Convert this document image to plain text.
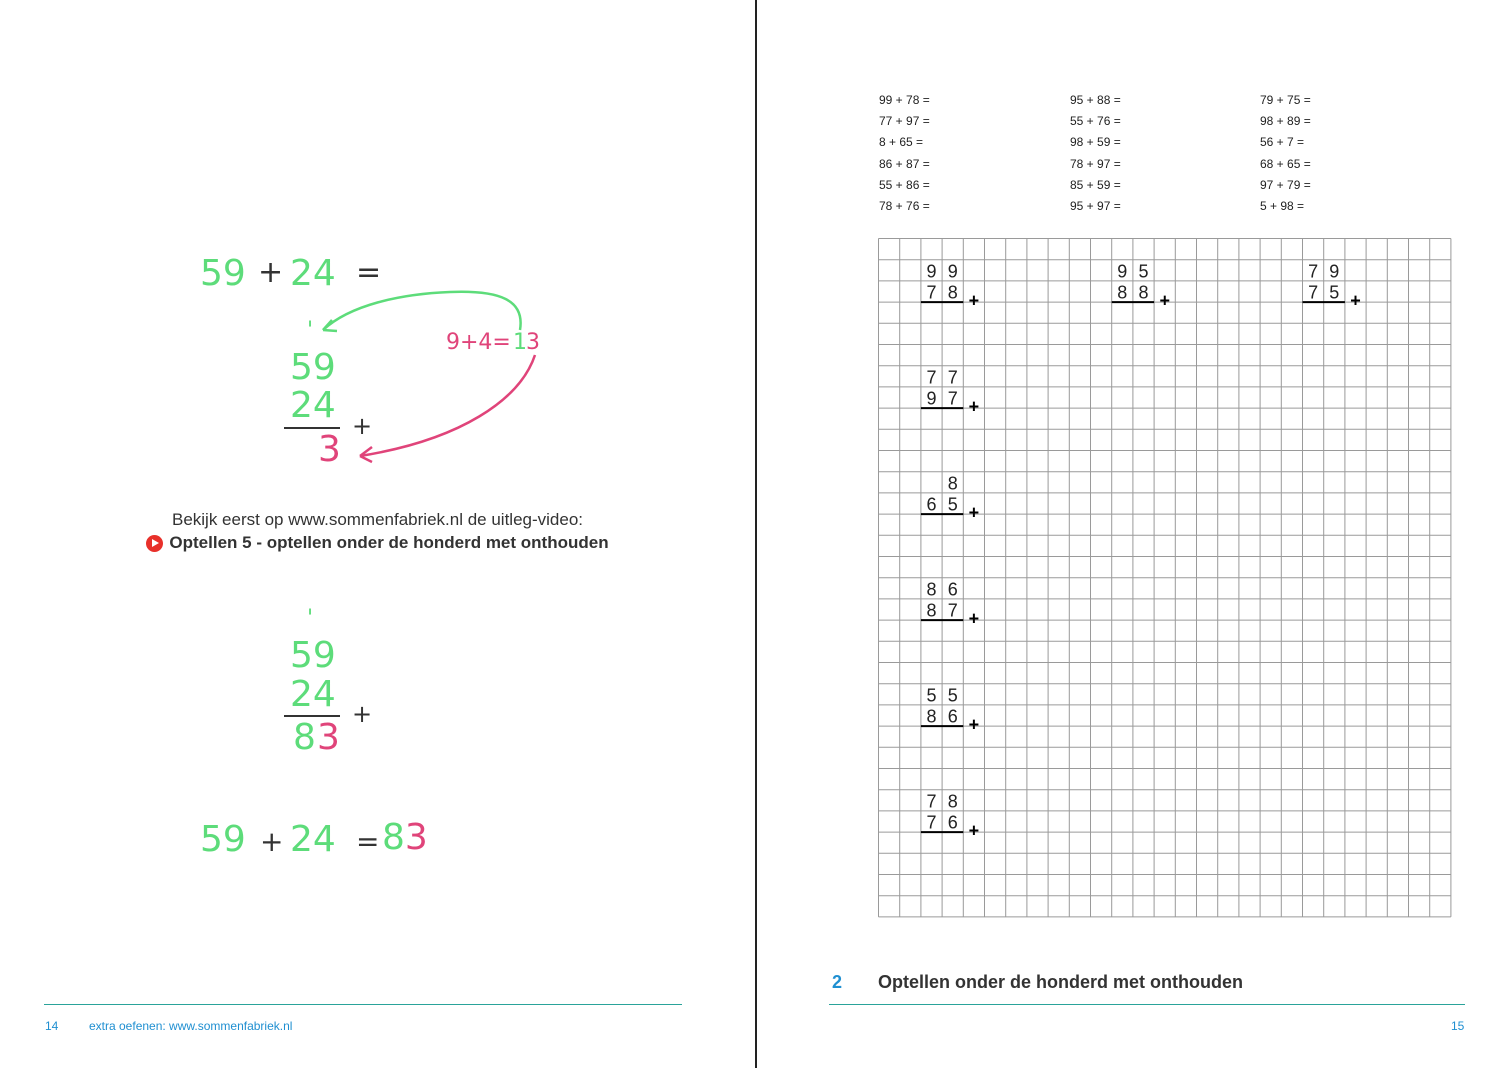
59 + 24 =
9+4= 1 3
'
59
24 +
3
Bekijk eerst op www.sommenfabriek.nl de uitleg-video:
Optellen 5 - optellen onder de honderd met onthouden
'
59
24 +
8 3
59 + 24 = 83
14	extra oefenen: www.sommenfabriek.nl
99 + 78 =
77 + 97 =
8 + 65 =
86 + 87 =
55 + 86 =
78 + 76 =
95 + 88 =
55 + 76 =
98 + 59 =
78 + 97 =
85 + 59 =
95 + 97 =
79 + 75 =
98 + 89 =
56 + 7 =
68 + 65 =
97 + 79 =
5 + 98 =
9 9
7 8 +
9 5
8 8 +
7 9
7 5 +
7 7
9 7 +
8
6 5 +
8 6
8 7 +
5 5
8 6 +
7 8
7 6 +
2 Optellen onder de honderd met onthouden
15
